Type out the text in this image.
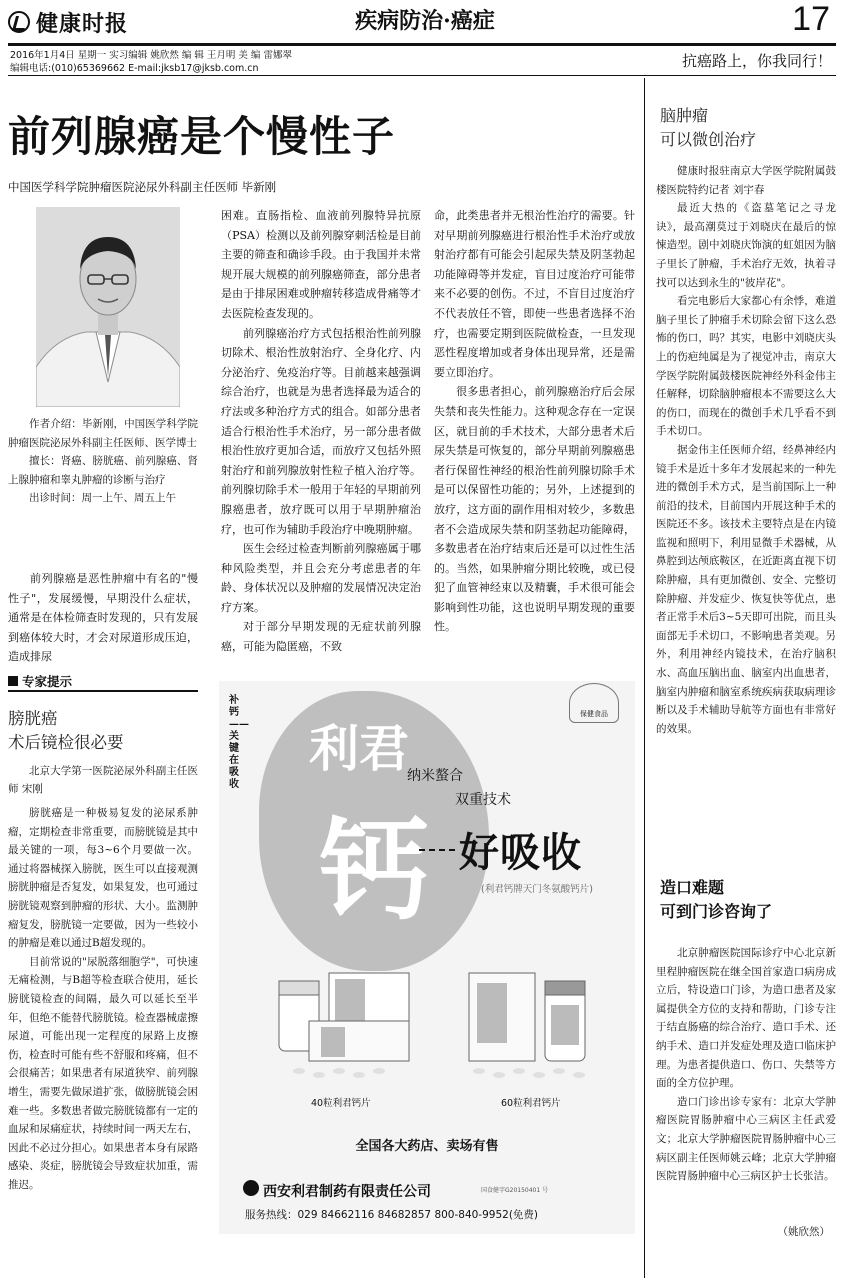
健康时报	疾病防治·癌症	17
2016年1月4日 星期一 实习编辑 姚欣然 编 辑 王月明 美 编 雷娜翠
编辑电话:(010)65369662 E-mail:jksb17@jksb.com.cn	抗癌路上，你我同行！
前列腺癌是个慢性子
中国医学科学院肿瘤医院泌尿外科副主任医师 毕新刚

作者介绍：毕新刚，中国医学科学院肿瘤医院泌尿外科副主任医师、医学博士

擅长：肾癌、膀胱癌、前列腺癌、肾上腺肿瘤和睾丸肿瘤的诊断与治疗

出诊时间：周一上午、周五上午

前列腺癌是恶性肿瘤中有名的"慢性子"，发展缓慢，早期没什么症状，通常是在体检筛查时发现的，只有发展到癌体较大时，才会对尿道形成压迫，造成排尿

困难。直肠指检、血液前列腺特异抗原（PSA）检测以及前列腺穿刺活检是目前主要的筛查和确诊手段。由于我国并未常规开展大规模的前列腺癌筛查，部分患者是由于排尿困难或肿瘤转移造成骨痛等才去医院检查发现的。

前列腺癌治疗方式包括根治性前列腺切除术、根治性放射治疗、全身化疗、内分泌治疗、免疫治疗等。目前越来越强调综合治疗，也就是为患者选择最为适合的疗法或多种治疗方式的组合。如部分患者适合行根治性手术治疗，另一部分患者做根治性放疗更加合适，而放疗又包括外照射治疗和前列腺放射性粒子植入治疗等。前列腺切除手术一般用于年轻的早期前列腺癌患者，放疗既可以用于早期肿瘤治疗，也可作为辅助手段治疗中晚期肿瘤。

医生会经过检查判断前列腺癌属于哪种风险类型，并且会充分考虑患者的年龄、身体状况以及肿瘤的发展情况决定治疗方案。

对于部分早期发现的无症状前列腺癌，可能为隐匿癌，不致

命，此类患者并无根治性治疗的需要。针对早期前列腺癌进行根治性手术治疗或放射治疗都有可能会引起尿失禁及阴茎勃起功能障碍等并发症，盲目过度治疗可能带来不必要的创伤。不过，不盲目过度治疗不代表放任不管，即使一些患者选择不治疗，也需要定期到医院做检查，一旦发现恶性程度增加或者身体出现异常，还是需要立即治疗。

很多患者担心，前列腺癌治疗后会尿失禁和丧失性能力。这种观念存在一定误区，就目前的手术技术，大部分患者术后尿失禁是可恢复的，部分早期前列腺癌患者行保留性神经的根治性前列腺切除手术是可以保留性功能的；另外，上述提到的放疗，这方面的副作用相对较少，多数患者不会造成尿失禁和阴茎勃起功能障碍，多数患者在治疗结束后还是可以过性生活的。当然，如果肿瘤分期比较晚，或已侵犯了血管神经束以及精囊，手术很可能会影响到性功能，这也说明早期发现的重要性。

专家提示
膀胱癌
术后镜检很必要

北京大学第一医院泌尿外科副主任医师 宋刚

膀胱癌是一种极易复发的泌尿系肿瘤，定期检查非常重要，而膀胱镜是其中最关键的一项，每3~6个月要做一次。通过将器械探入膀胱，医生可以直接观测膀胱肿瘤是否复发，如果复发，也可通过膀胱镜观察到肿瘤的形状、大小。监测肿瘤复发，膀胱镜一定要做，因为一些较小的肿瘤是难以通过B超发现的。

目前常说的"尿脱落细胞学"，可快速无痛检测，与B超等检查联合使用，延长膀胱镜检查的间隔，最久可以延长至半年，但绝不能替代膀胱镜。检查器械虚擦尿道，可能出现一定程度的尿路上皮擦伤，检查时可能有些不舒服和疼痛，但不会很痛苦；如果患者有尿道狭窄、前列腺增生，需要先做尿道扩张，做膀胱镜会困难一些。多数患者做完膀胱镜都有一定的血尿和尿痛症状，持续时间一两天左右，因此不必过分担心。如果患者本身有尿路感染、炎症，膀胱镜会导致症状加重，需推迟。

补钙——关键在吸收
利君
钙
保健食品
纳米螯合
双重技术
好吸收
(利君钙牌天门冬氨酸钙片)
40粒利君钙片	60粒利君钙片
全国各大药店、卖场有售
西安利君制药有限责任公司	国食健字G20150401 号
服务热线：029 84662116 84682857 800-840-9952(免费)
脑肿瘤
可以微创治疗

健康时报驻南京大学医学院附属鼓楼医院特约记者 刘宇春

最近大热的《盗墓笔记之寻龙诀》，最高潮莫过于刘晓庆在最后的惊悚造型。剧中刘晓庆饰演的虹姐因为脑子里长了肿瘤，手术治疗无效，执着寻找可以达到永生的"彼岸花"。

看完电影后大家都心有余悸，难道脑子里长了肿瘤手术切除会留下这么恐怖的伤口，吗？其实，电影中刘晓庆头上的伤疤纯属是为了视觉冲击，南京大学医学院附属鼓楼医院神经外科金伟主任解释，切除脑肿瘤根本不需要这么大的伤口，而现在的微创手术几乎看不到手术切口。

据金伟主任医师介绍，经鼻神经内镜手术是近十多年才发展起来的一种先进的微创手术方式，是当前国际上一种前沿的技术，目前国内开展这种手术的医院还不多。该技术主要特点是在内镜监视和照明下，利用显微手术器械，从鼻腔到达颅底鞍区，在近距离直视下切除肿瘤，具有更加微创、安全、完整切除肿瘤、并发症少、恢复快等优点，患者正常手术后3~5天即可出院，而且头面部无手术切口，不影响患者美观。另外，利用神经内镜技术，在治疗脑积水、高血压脑出血、脑室内出血患者，脑室内肿瘤和脑室系统疾病获取病理诊断以及手术辅助导航等方面也有非常好的效果。

造口难题
可到门诊咨询了

北京肿瘤医院国际诊疗中心北京新里程肿瘤医院在继全国首家造口病房成立后，特设造口门诊，为造口患者及家属提供全方位的支持和帮助，门诊专注于结直肠癌的综合治疗、造口手术、还纳手术、造口并发症处理及造口临床护理。为患者提供造口、伤口、失禁等方面的全方位护理。

造口门诊出诊专家有：北京大学肿瘤医院胃肠肿瘤中心三病区主任武爱文；北京大学肿瘤医院胃肠肿瘤中心三病区副主任医师姚云峰；北京大学肿瘤医院胃肠肿瘤中心三病区护士长张洁。

（姚欣然）
